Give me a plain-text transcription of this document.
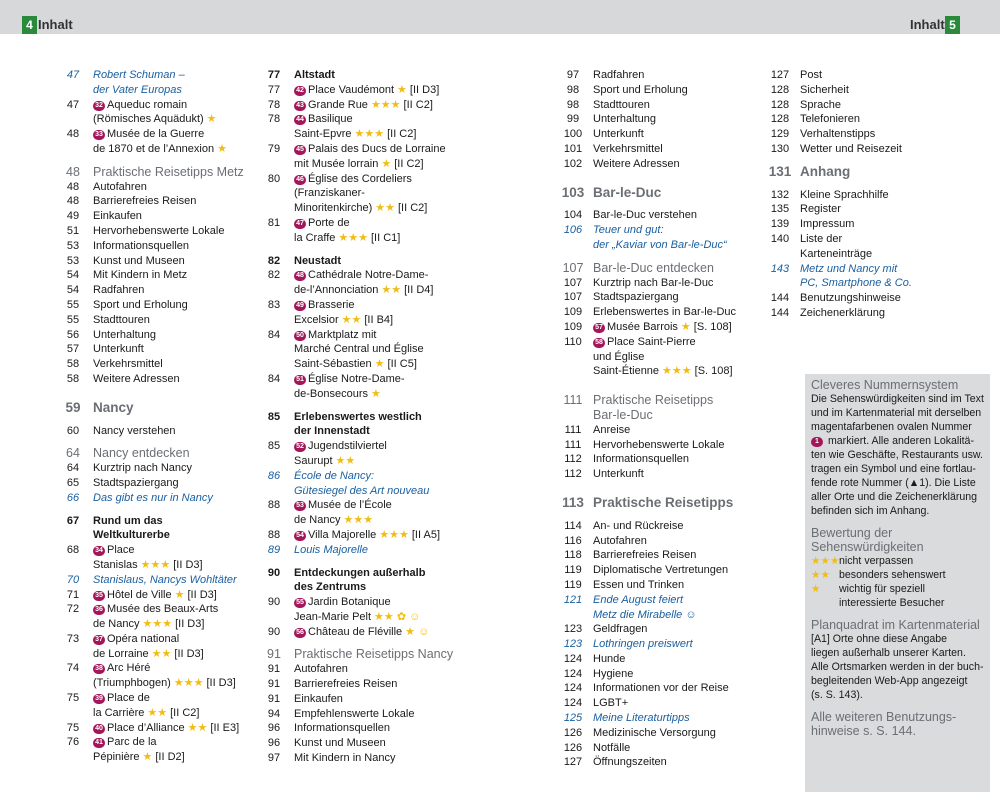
4 Inhalt	Inhalt 5
47	Robert Schuman –
der Vater Europas
47	32 Aqueduc romain
(Römisches Aquädukt) ★
48	33 Musée de la Guerre
de 1870 et de l’Annexion ★
48	Praktische Reisetipps Metz
48	Autofahren
48	Barrierefreies Reisen
49	Einkaufen
51	Hervorhebenswerte Lokale
53	Informationsquellen
53	Kunst und Museen
54	Mit Kindern in Metz
54	Radfahren
55	Sport und Erholung
55	Stadttouren
56	Unterhaltung
57	Unterkunft
58	Verkehrsmittel
58	Weitere Adressen
59 Nancy
60	Nancy verstehen
64	Nancy entdecken
64	Kurztrip nach Nancy
65	Stadtspaziergang
66	Das gibt es nur in Nancy
67	Rund um das
Weltkulturerbe
68	34 Place
Stanislas ★★★ [II D3]
70	Stanislaus, Nancys Wohltäter
71	35 Hôtel de Ville ★ [II D3]
72	36 Musée des Beaux-Arts
de Nancy ★★★ [II D3]
73	37 Opéra national
de Lorraine ★★ [II D3]
74	38 Arc Héré
(Triumphbogen) ★★★ [II D3]
75	39 Place de
la Carrière ★★ [II C2]
75	40 Place d’Alliance ★★ [II E3]
76	41 Parc de la
Pépinière ★ [II D2]
77	Altstadt
77	42 Place Vaudémont ★ [II D3]
78	43 Grande Rue ★★★ [II C2]
78	44 Basilique
Saint-Epvre ★★★ [II C2]
79	45 Palais des Ducs de Lorraine
mit Musée lorrain ★ [II C2]
80	46 Église des Cordeliers
(Franziskaner-
Minoritenkirche) ★★ [II C2]
81	47 Porte de
la Craffe ★★★ [II C1]
82	Neustadt
82	48 Cathédrale Notre-Dame-
de-l’Annonciation ★★ [II D4]
83	49 Brasserie
Excelsior ★★ [II B4]
84	50 Marktplatz mit
Marché Central und Église
Saint-Sébastien ★ [II C5]
84	51 Église Notre-Dame-
de-Bonsecours ★
85	Erlebenswertes westlich
der Innenstadt
85	52 Jugendstilviertel
Saurupt ★★
86	École de Nancy:
Gütesiegel des Art nouveau
88	53 Musée de l’École
de Nancy ★★★
88	54 Villa Majorelle ★★★ [II A5]
89	Louis Majorelle
90	Entdeckungen außerhalb
des Zentrums
90	55 Jardin Botanique
Jean-Marie Pelt ★★ ✿ ☺
90	56 Château de Fléville ★ ☺
91	Praktische Reisetipps Nancy
91	Autofahren
91	Barrierefreies Reisen
91	Einkaufen
94	Empfehlenswerte Lokale
96	Informationsquellen
96	Kunst und Museen
97	Mit Kindern in Nancy
97	Radfahren
98	Sport und Erholung
98	Stadttouren
99	Unterhaltung
100 Unterkunft
101 Verkehrsmittel
102 Weitere Adressen
103 Bar-le-Duc
104 Bar-le-Duc verstehen
106 Teuer und gut:
der „Kaviar von Bar-le-Duc“
107 Bar-le-Duc entdecken
107 Kurztrip nach Bar-le-Duc
107 Stadtspaziergang
109 Erlebenswertes in Bar-le-Duc
109	57 Musée Barrois ★ [S. 108]
110	58 Place Saint-Pierre
und Église
Saint-Étienne ★★★ [S. 108]
111 Praktische Reisetipps
Bar-le-Duc
111	Anreise
111	Hervorhebenswerte Lokale
112	Informationsquellen
112	Unterkunft
113 Praktische Reisetipps
114	An- und Rückreise
116	Autofahren
118	Barrierefreies Reisen
119	Diplomatische Vertretungen
119	Essen und Trinken
121 Ende August feiert
Metz die Mirabelle ☺
123 Geldfragen
123 Lothringen preiswert
124 Hunde
124 Hygiene
124 Informationen vor der Reise
124 LGBT+
125 Meine Literaturtipps
126 Medizinische Versorgung
126 Notfälle
127 Öffnungszeiten
127 Post
128 Sicherheit
128 Sprache
128 Telefonieren
129 Verhaltenstipps
130 Wetter und Reisezeit
131 Anhang
132 Kleine Sprachhilfe
135 Register
139 Impressum
140 Liste der
Karteneinträge
143 Metz und Nancy mit
PC, Smartphone & Co.
144 Benutzungshinweise
144 Zeichenerklärung
Cleveres Nummernsystem
Die Sehenswürdigkeiten sind im Text
und im Kartenmaterial mit derselben
magentafarbenen ovalen Nummer
1 markiert. Alle anderen Lokalitä-
ten wie Geschäfte, Restaurants usw.
tragen ein Symbol und eine fortlau-
fende rote Nummer (▲1). Die Liste
aller Orte und die Zeichenerklärung
befinden sich im Anhang.
Bewertung der
Sehenswürdigkeiten
★★★ nicht verpassen
★★ besonders sehenswert
★	wichtig für speziell
interessierte Besucher
Planquadrat im Kartenmaterial
[A1] Orte ohne diese Angabe
liegen außerhalb unserer Karten.
Alle Ortsmarken werden in der buch-
begleitenden Web-App angezeigt
(s. S. 143).
Alle weiteren Benutzungs-
hinweise s. S. 144.
